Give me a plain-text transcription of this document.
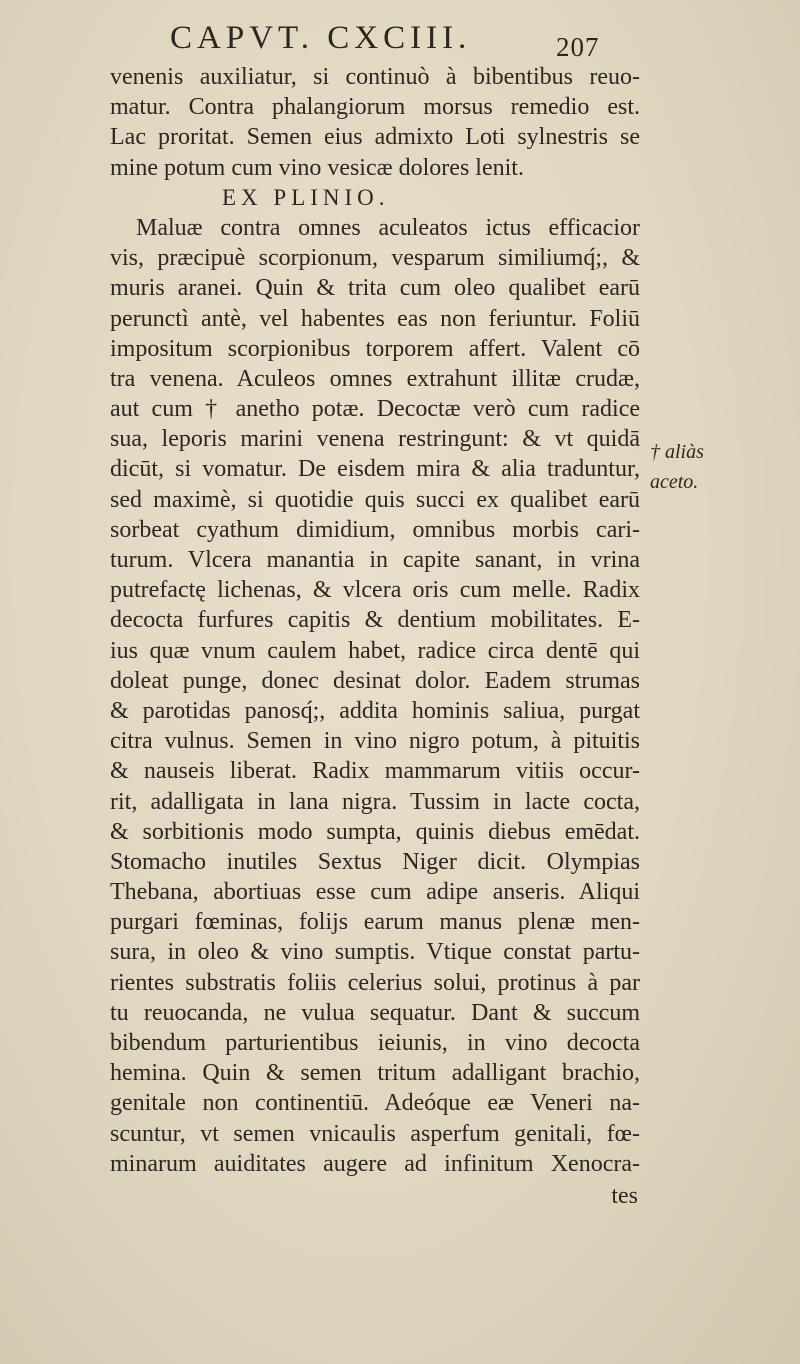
CAPVT. CXCIII.	207
venenis auxiliatur, si continuò à bibentibus reuo-
matur. Contra phalangiorum morsus remedio est.
Lac proritat. Semen eius admixto Loti sylnestris se
mine potum cum vino vesicæ dolores lenit.
EX PLINIO.
Maluæ contra omnes aculeatos ictus efficacior
vis, præcipuè scorpionum, vesparum similiumq́;, &
muris aranei. Quin & trita cum oleo qualibet earū
perunctì antè, vel habentes eas non feriuntur. Foliū
impositum scorpionibus torporem affert. Valent cō
tra venena. Aculeos omnes extrahunt illitæ crudæ,
aut cum † anetho potæ. Decoctæ verò cum radice
sua, leporis marini venena restringunt: & vt quidā
dicūt, si vomatur. De eisdem mira & alia traduntur,
sed maximè, si quotidie quis succi ex qualibet earū
sorbeat cyathum dimidium, omnibus morbis cari-
turum. Vlcera manantia in capite sanant, in vrina
putrefactę lichenas, & vlcera oris cum melle. Radix
decocta furfures capitis & dentium mobilitates. E-
ius quæ vnum caulem habet, radice circa dentē qui
doleat punge, donec desinat dolor. Eadem strumas
& parotidas panosq́;, addita hominis saliua, purgat
citra vulnus. Semen in vino nigro potum, à pituitis
& nauseis liberat. Radix mammarum vitiis occur-
rit, adalligata in lana nigra. Tussim in lacte cocta,
& sorbitionis modo sumpta, quinis diebus emēdat.
Stomacho inutiles Sextus Niger dicit. Olympias
Thebana, abortiuas esse cum adipe anseris. Aliqui
purgari fœminas, folijs earum manus plenæ men-
sura, in oleo & vino sumptis. Vtique constat partu-
rientes substratis foliis celerius solui, protinus à par
tu reuocanda, ne vulua sequatur. Dant & succum
bibendum parturientibus ieiunis, in vino decocta
hemina. Quin & semen tritum adalligant brachio,
genitale non continentiū. Adeóque eæ Veneri na-
scuntur, vt semen vnicaulis asperfum genitali, fœ-
minarum auiditates augere ad infinitum Xenocra-
tes
† aliàs
aceto.
